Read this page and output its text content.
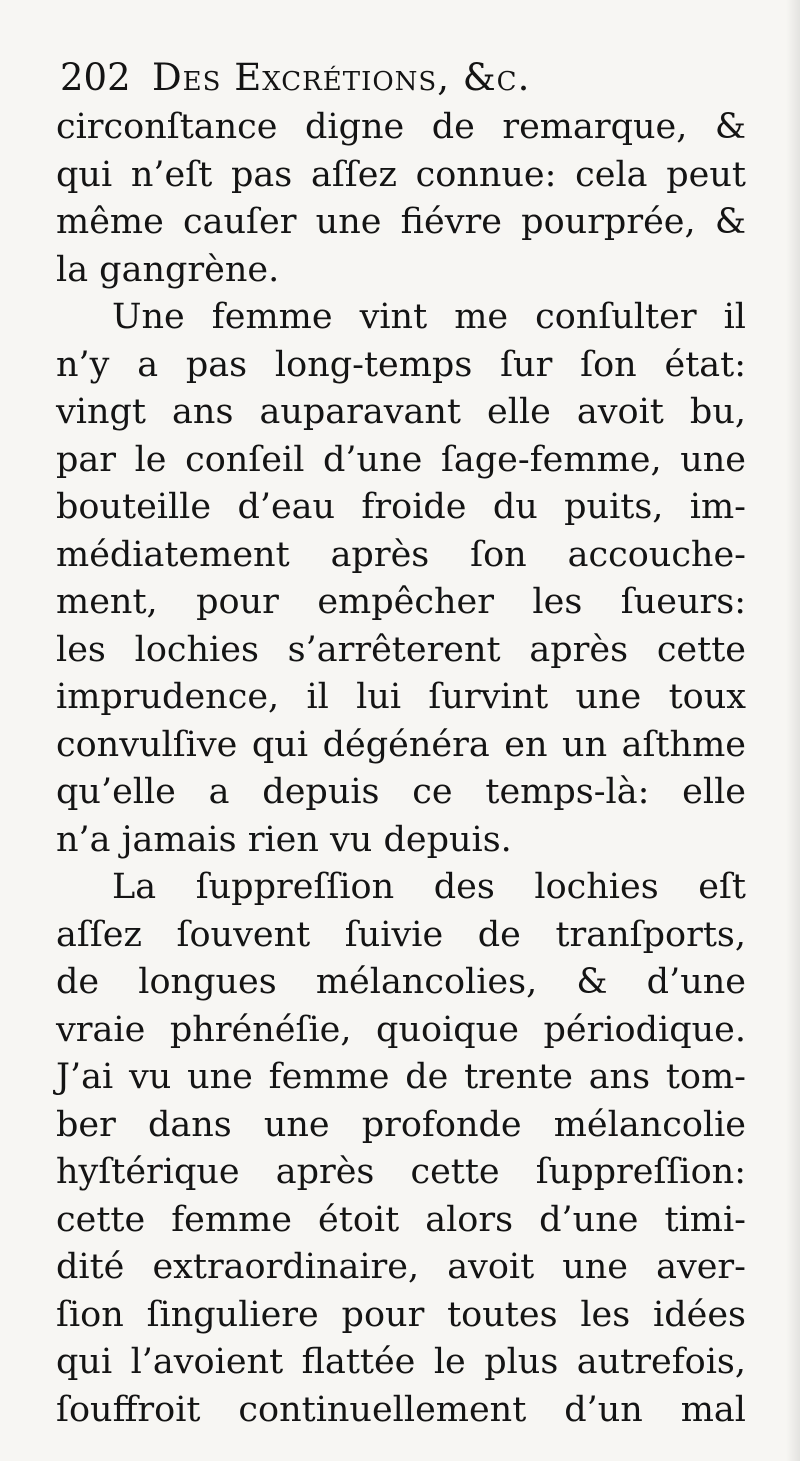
202 Des Excrétions, &c.
circonſtance digne de remarque, &
qui n’eſt pas aſſez connue: cela peut
même cauſer une fiévre pourprée, &
la gangrène.
Une femme vint me conſulter il
n’y a pas long-temps ſur ſon état:
vingt ans auparavant elle avoit bu,
par le conſeil d’une ſage-femme, une
bouteille d’eau froide du puits, im-
médiatement après ſon accouche-
ment, pour empêcher les ſueurs:
les lochies s’arrêterent après cette
imprudence, il lui ſurvint une toux
convulſive qui dégénéra en un aſthme
qu’elle a depuis ce temps-là: elle
n’a jamais rien vu depuis.
La ſuppreſſion des lochies eſt
aſſez ſouvent ſuivie de tranſports,
de longues mélancolies, & d’une
vraie phrénéſie, quoique périodique.
J’ai vu une femme de trente ans tom-
ber dans une profonde mélancolie
hyſtérique après cette ſuppreſſion:
cette femme étoit alors d’une timi-
dité extraordinaire, avoit une aver-
ſion ſinguliere pour toutes les idées
qui l’avoient flattée le plus autrefois,
ſouffroit continuellement d’un mal
